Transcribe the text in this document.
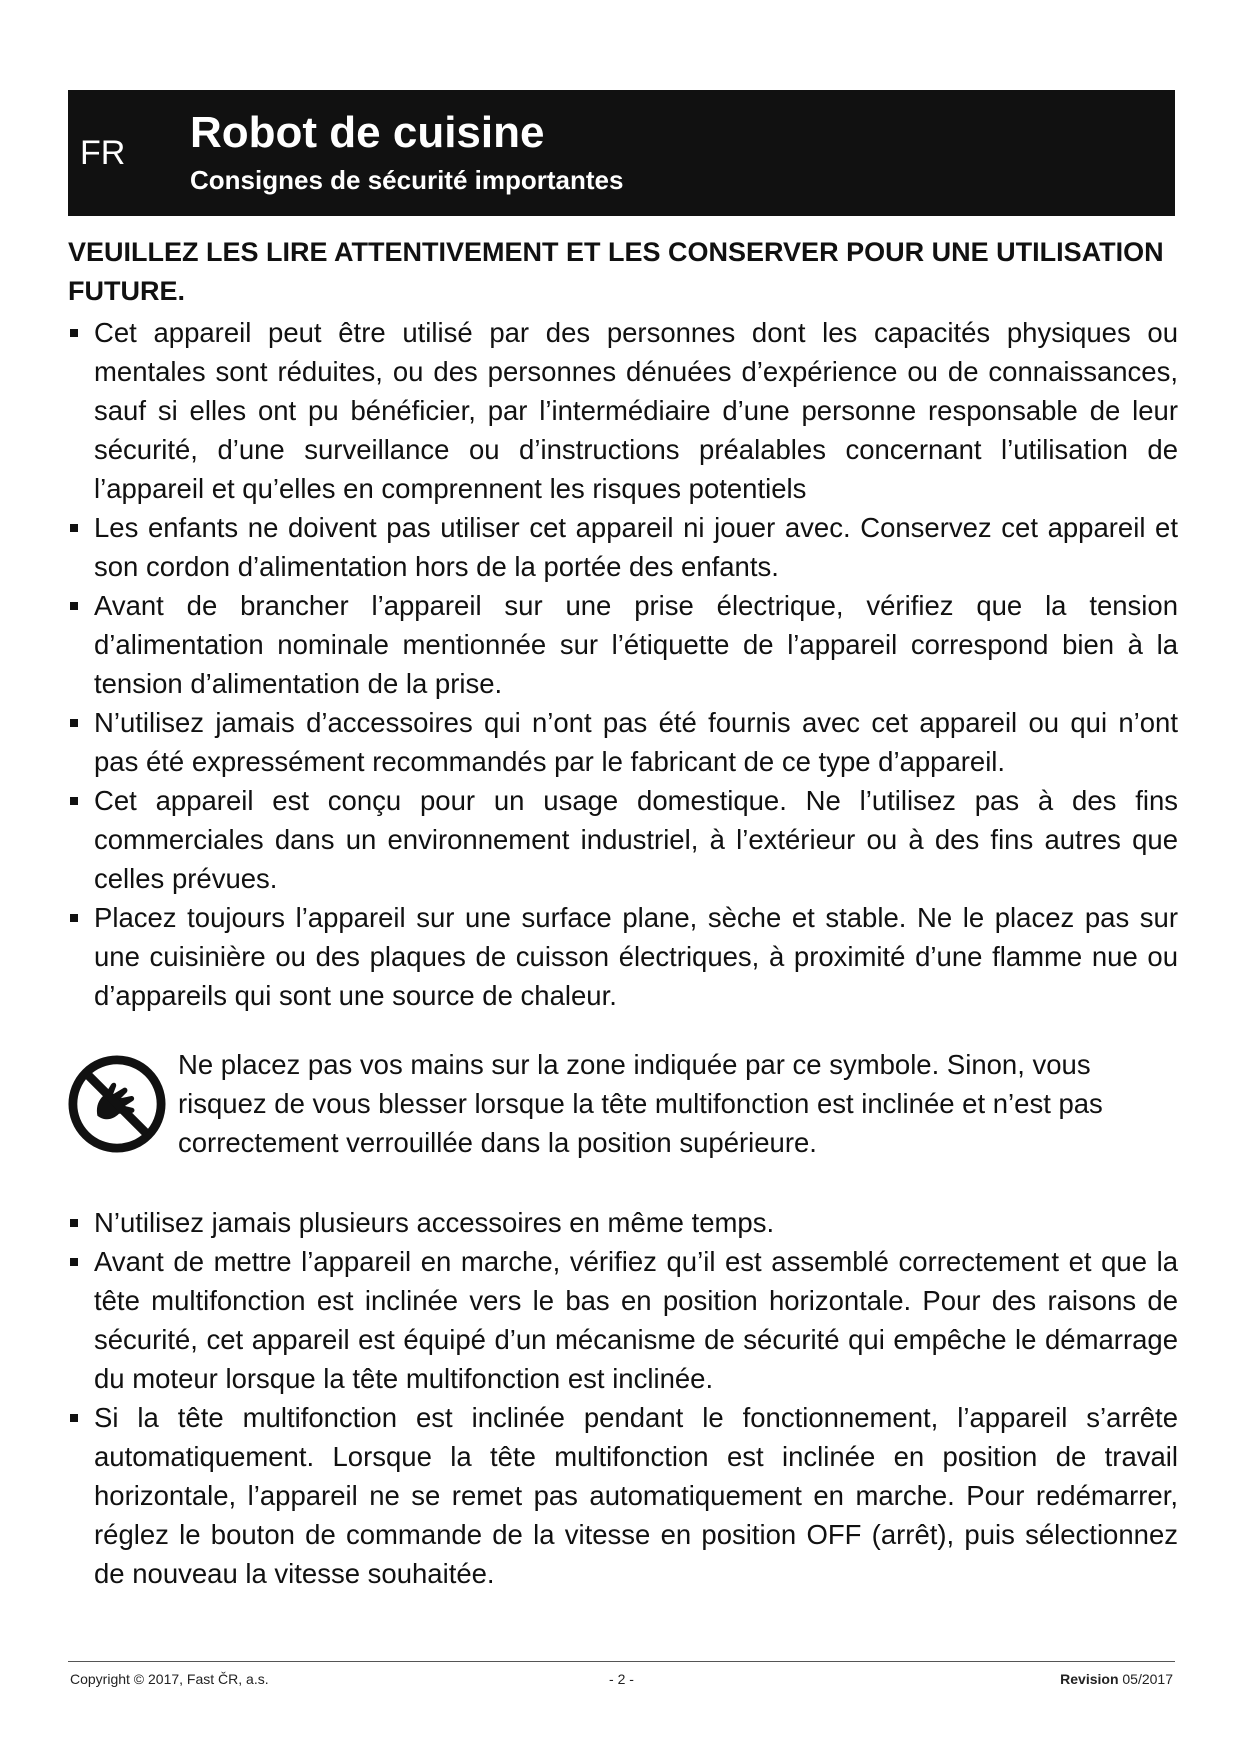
FR Robot de cuisine
Consignes de sécurité importantes

VEUILLEZ LES LIRE ATTENTIVEMENT ET LES CONSERVER POUR UNE UTILISATION FUTURE.

Cet appareil peut être utilisé par des personnes dont les capacités physiques ou mentales sont réduites, ou des personnes dénuées d’expérience ou de connaissances, sauf si elles ont pu bénéficier, par l’intermédiaire d’une personne responsable de leur sécurité, d’une surveillance ou d’instructions préalables concernant l’utilisation de l’appareil et qu’elles en comprennent les risques potentiels
Les enfants ne doivent pas utiliser cet appareil ni jouer avec. Conservez cet appareil et son cordon d’alimentation hors de la portée des enfants.
Avant de brancher l’appareil sur une prise électrique, vérifiez que la tension d’alimentation nominale mentionnée sur l’étiquette de l’appareil correspond bien à la tension d’alimentation de la prise.
N’utilisez jamais d’accessoires qui n’ont pas été fournis avec cet appareil ou qui n’ont pas été expressément recommandés par le fabricant de ce type d’appareil.
Cet appareil est conçu pour un usage domestique. Ne l’utilisez pas à des fins commerciales dans un environnement industriel, à l’extérieur ou à des fins autres que celles prévues.
Placez toujours l’appareil sur une surface plane, sèche et stable. Ne le placez pas sur une cuisinière ou des plaques de cuisson électriques, à proximité d’une flamme nue ou d’appareils qui sont une source de chaleur.
Ne placez pas vos mains sur la zone indiquée par ce symbole. Sinon, vous risquez de vous blesser lorsque la tête multifonction est inclinée et n’est pas correctement verrouillée dans la position supérieure.
N’utilisez jamais plusieurs accessoires en même temps.
Avant de mettre l’appareil en marche, vérifiez qu’il est assemblé correctement et que la tête multifonction est inclinée vers le bas en position horizontale. Pour des raisons de sécurité, cet appareil est équipé d’un mécanisme de sécurité qui empêche le démarrage du moteur lorsque la tête multifonction est inclinée.
Si la tête multifonction est inclinée pendant le fonctionnement, l’appareil s’arrête automatiquement. Lorsque la tête multifonction est inclinée en position de travail horizontale, l’appareil ne se remet pas automatiquement en marche. Pour redémarrer, réglez le bouton de commande de la vitesse en position OFF (arrêt), puis sélectionnez de nouveau la vitesse souhaitée.
Copyright © 2017, Fast ČR, a.s.	- 2 -	Revision 05/2017
